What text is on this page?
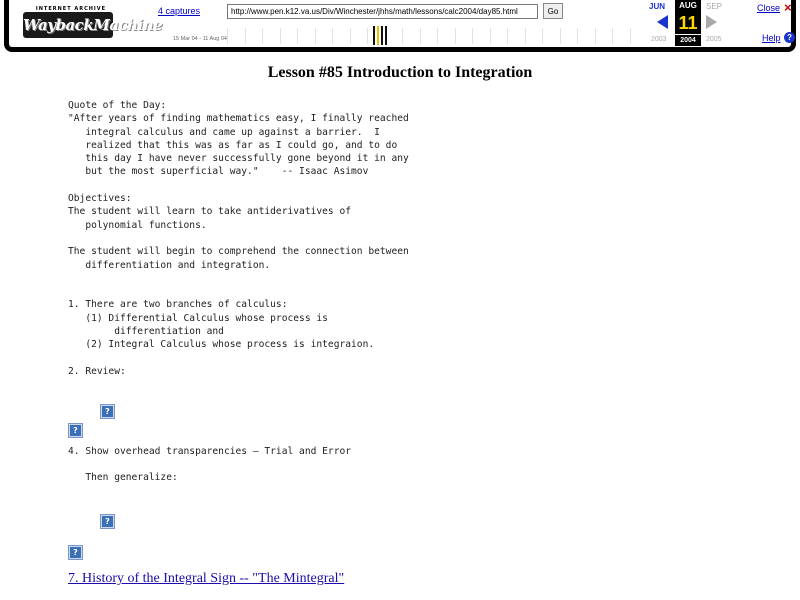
INTERNET ARCHIVE
WaybackMachine
4 captures
15 Mar 04 - 11 Aug 04
http://www.pen.k12.va.us/Div/Winchester/jhhs/math/lessons/calc2004/day85.html
Go	JUN	AUG	SEP
11
2003	2004	2005
Close ×
Help ?
Lesson #85 Introduction to Integration
Quote of the Day:
"After years of finding mathematics easy, I finally reached
integral calculus and came up against a barrier.  I
realized that this was as far as I could go, and to do
this day I have never successfully gone beyond it in any
but the most superficial way."    -- Isaac Asimov

Objectives:
The student will learn to take antiderivatives of
polynomial functions.

The student will begin to comprehend the connection between
differentiation and integration.

1. There are two branches of calculus:
(1) Differential Calculus whose process is
differentiation and
(2) Integral Calculus whose process is integraion.

2. Review:

4. Show overhead transparencies — Trial and Error

Then generalize:
?
?
?
?
7. History of the Integral Sign -- "The Mintegral"
